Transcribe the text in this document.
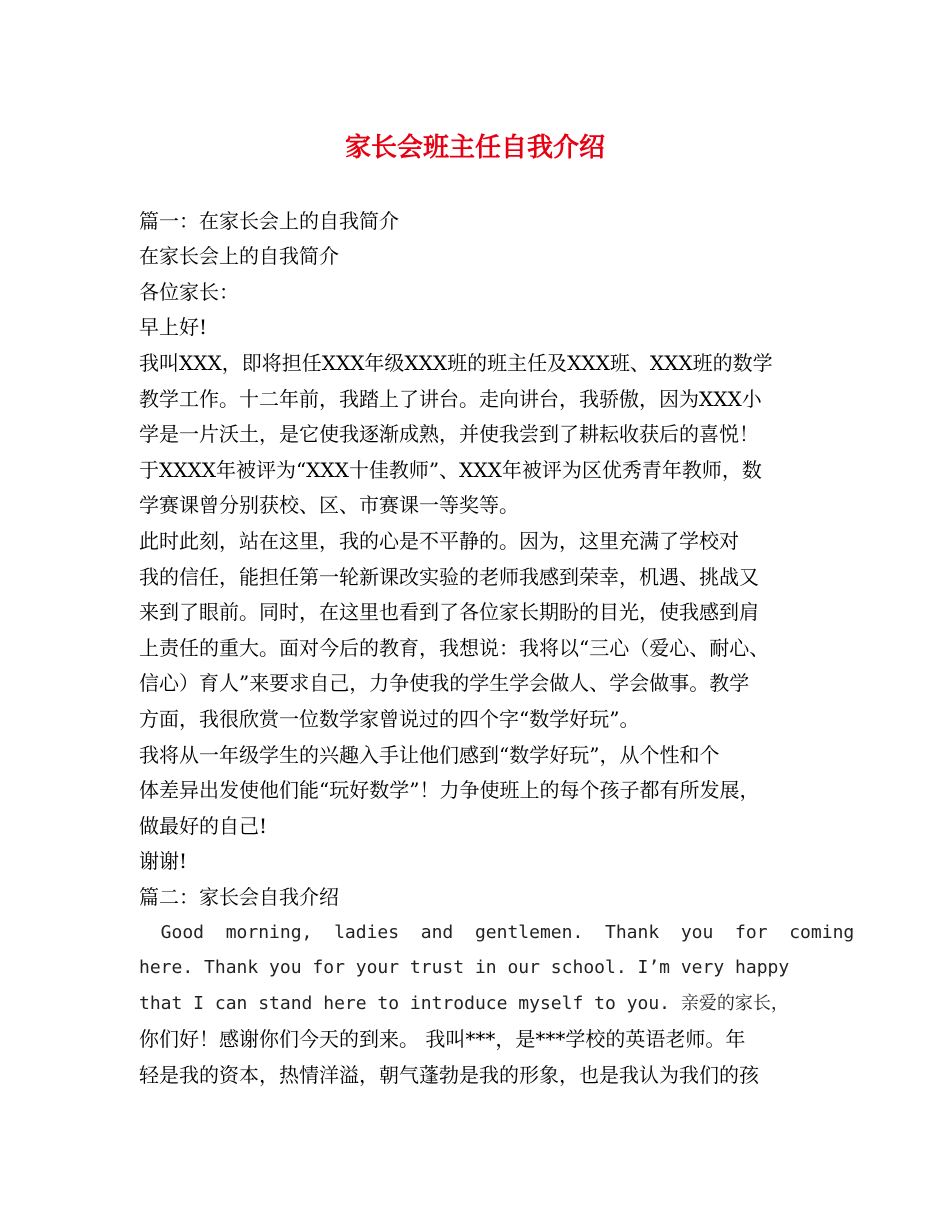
家长会班主任自我介绍
篇一：在家长会上的自我简介
在家长会上的自我简介
各位家长：
早上好!
我叫XXX，即将担任XXX年级XXX班的班主任及XXX班、XXX班的数学
教学工作。十二年前，我踏上了讲台。走向讲台，我骄傲，因为XXX小
学是一片沃土，是它使我逐渐成熟，并使我尝到了耕耘收获后的喜悦！
于XXXX年被评为“XXX十佳教师”、XXX年被评为区优秀青年教师，数
学赛课曾分别获校、区、市赛课一等奖等。
此时此刻，站在这里，我的心是不平静的。因为，这里充满了学校对
我的信任，能担任第一轮新课改实验的老师我感到荣幸，机遇、挑战又
来到了眼前。同时，在这里也看到了各位家长期盼的目光，使我感到肩
上责任的重大。面对今后的教育，我想说：我将以“三心（爱心、耐心、
信心）育人”来要求自己，力争使我的学生学会做人、学会做事。教学
方面，我很欣赏一位数学家曾说过的四个字“数学好玩”。
我将从一年级学生的兴趣入手让他们感到“数学好玩”，从个性和个
体差异出发使他们能“玩好数学”！力争使班上的每个孩子都有所发展，
做最好的自己!
谢谢!
篇二：家长会自我介绍
Good  morning,  ladies  and  gentlemen.  Thank  you  for  coming
here. Thank you for your trust in our school. I’m very happy
that I can stand here to introduce myself to you. 亲爱的家长，
你们好！感谢你们今天的到来。 我叫***，是***学校的英语老师。年
轻是我的资本，热情洋溢，朝气蓬勃是我的形象，也是我认为我们的孩
